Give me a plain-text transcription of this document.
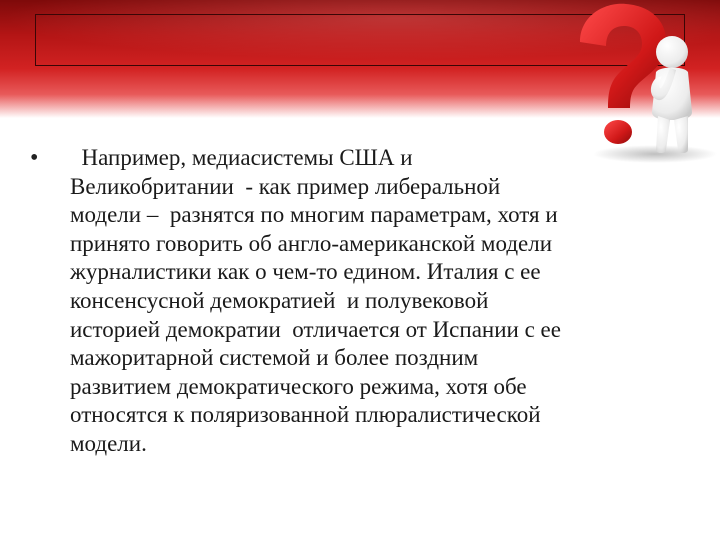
•	Например, медиасистемы США и
Великобритании  - как пример либеральной
модели –  разнятся по многим параметрам, хотя и
принято говорить об англо-американской модели
журналистики как о чем-то едином. Италия с ее
консенсусной демократией  и полувековой
историей демократии  отличается от Испании с ее
мажоритарной системой и более поздним
развитием демократического режима, хотя обе
относятся к поляризованной плюралистической
модели.
